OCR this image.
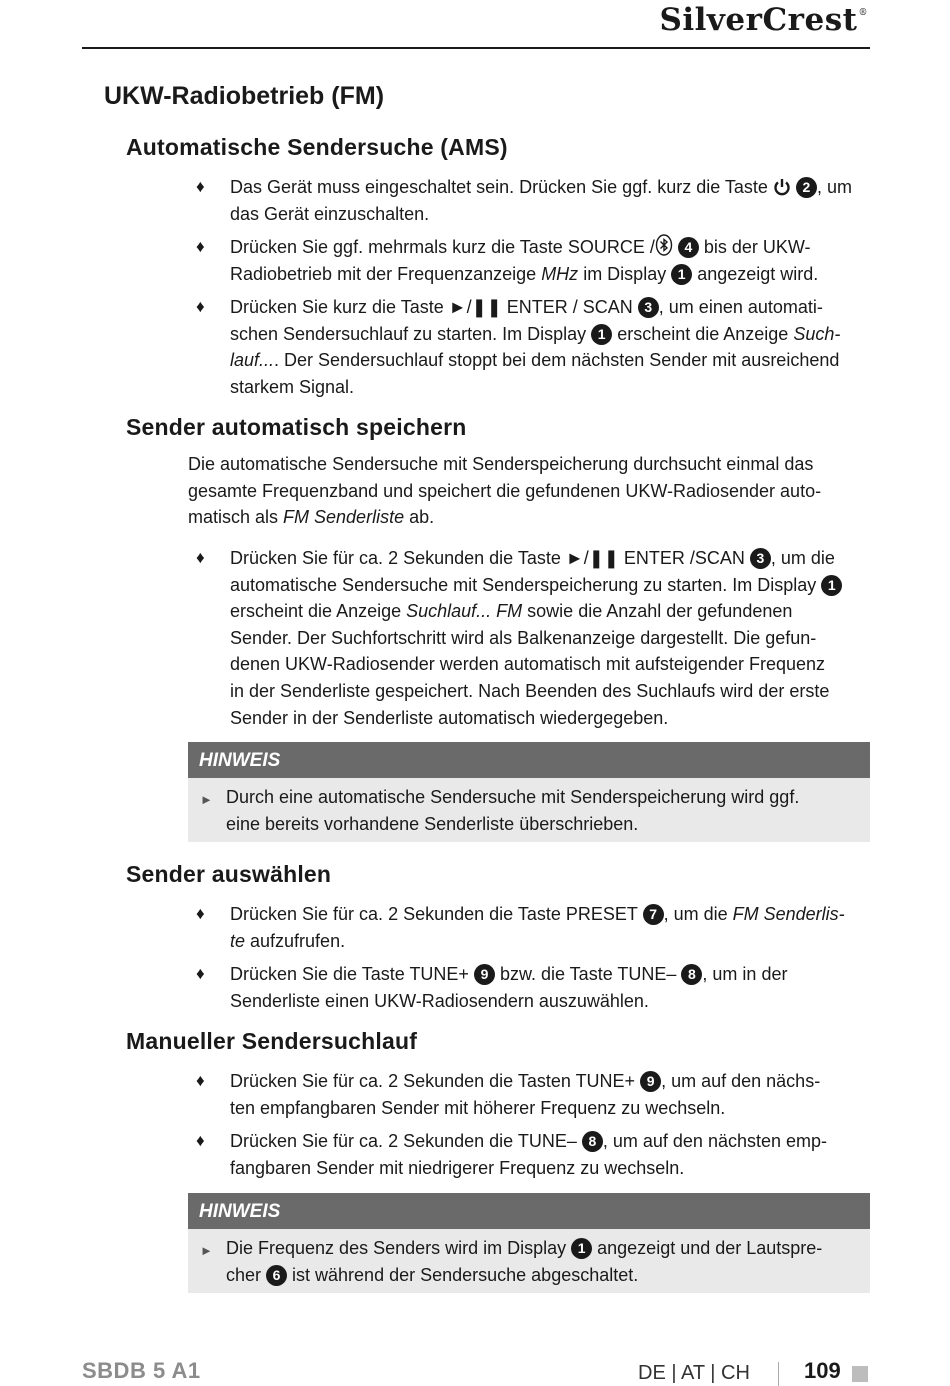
SilverCrest®
UKW-Radiobetrieb (FM)
Automatische Sendersuche (AMS)
♦ Das Gerät muss eingeschaltet sein. Drücken Sie ggf. kurz die Taste  2 , um
das Gerät einzuschalten.
♦ Drücken Sie ggf. mehrmals kurz die Taste SOURCE / 4 bis der UKW-
Radiobetrieb mit der Frequenzanzeige MHz im Display 1 angezeigt wird.
♦ Drücken Sie kurz die Taste ►/❚❚ ENTER / SCAN 3 , um einen automati-
schen Sendersuchlauf zu starten. Im Display 1 erscheint die Anzeige Such-
lauf.... Der Sendersuchlauf stoppt bei dem nächsten Sender mit ausreichend
starkem Signal.
Sender automatisch speichern
Die automatische Sendersuche mit Senderspeicherung durchsucht einmal das
gesamte Frequenzband und speichert die gefundenen UKW-Radiosender auto-
matisch als FM Senderliste ab.
♦ Drücken Sie für ca. 2 Sekunden die Taste ►/❚❚ ENTER /SCAN 3 , um die
automatische Sendersuche mit Senderspeicherung zu starten. Im Display 1
erscheint die Anzeige Suchlauf... FM sowie die Anzahl der gefundenen
Sender. Der Suchfortschritt wird als Balkenanzeige dargestellt. Die gefun-
denen UKW-Radiosender werden automatisch mit aufsteigender Frequenz
in der Senderliste gespeichert. Nach Beenden des Suchlaufs wird der erste
Sender in der Senderliste automatisch wiedergegeben.
HINWEIS
► Durch eine automatische Sendersuche mit Senderspeicherung wird ggf.
eine bereits vorhandene Senderliste überschrieben.
Sender auswählen
♦ Drücken Sie für ca. 2 Sekunden die Taste PRESET 7 , um die FM Senderlis-
te aufzufrufen.
♦ Drücken Sie die Taste TUNE+ 9 bzw. die Taste TUNE– 8 , um in der
Senderliste einen UKW-Radiosendern auszuwählen.
Manueller Sendersuchlauf
♦ Drücken Sie für ca. 2 Sekunden die Tasten TUNE+ 9 , um auf den nächs-
ten empfangbaren Sender mit höherer Frequenz zu wechseln.
♦ Drücken Sie für ca. 2 Sekunden die TUNE– 8 , um auf den nächsten emp-
fangbaren Sender mit niedrigerer Frequenz zu wechseln.
HINWEIS
► Die Frequenz des Senders wird im Display 1 angezeigt und der Lautspre-
cher 6 ist während der Sendersuche abgeschaltet.
SBDB 5 A1	DE | AT | CH 109
